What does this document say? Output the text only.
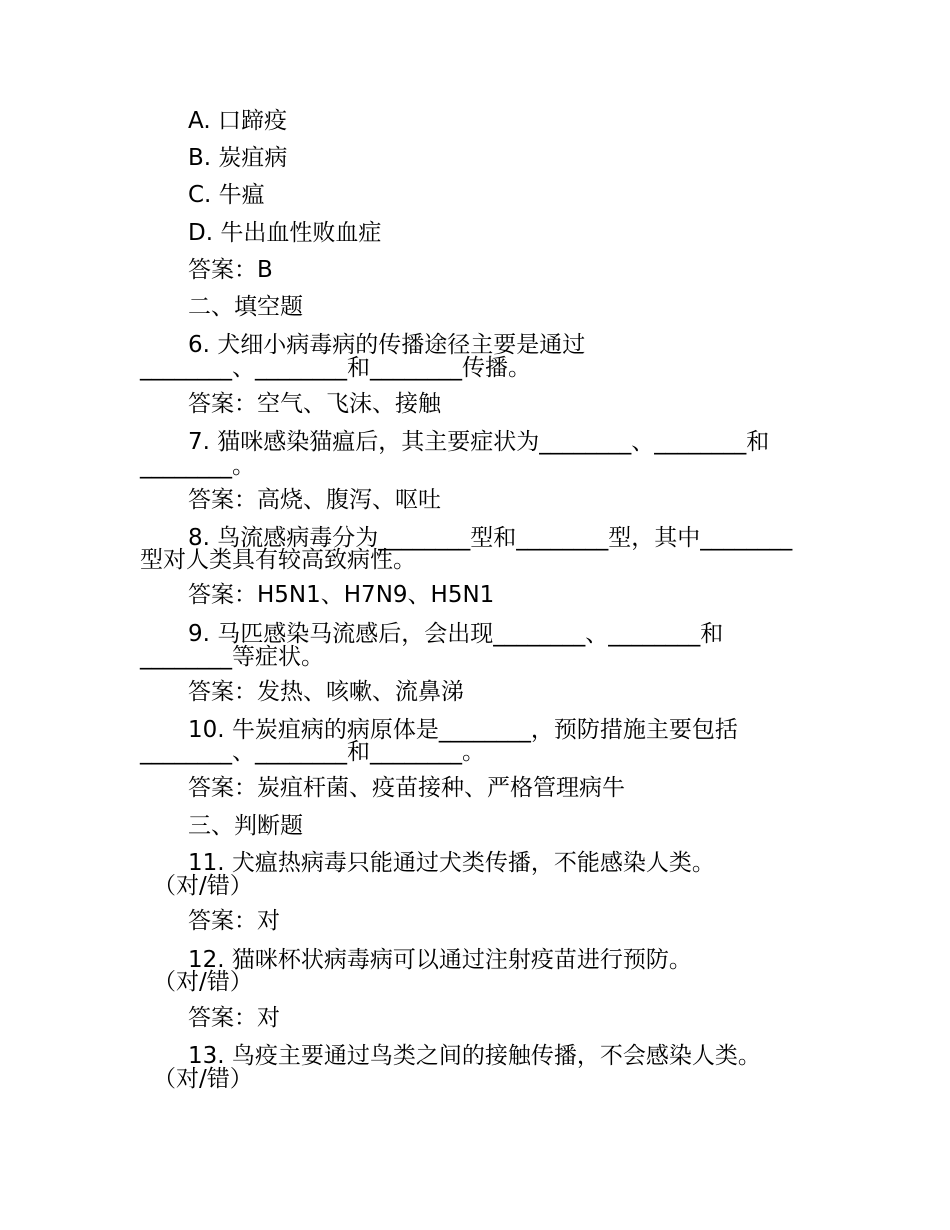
A. 口蹄疫
B. 炭疽病
C. 牛瘟
D. 牛出血性败血症
答案：B
二、填空题
6. 犬细小病毒病的传播途径主要是通过
________、________和________传播。
答案：空气、飞沫、接触
7. 猫咪感染猫瘟后，其主要症状为________、________和
________。
答案：高烧、腹泻、呕吐
8. 鸟流感病毒分为________型和________型，其中________
型对人类具有较高致病性。
答案：H5N1、H7N9、H5N1
9. 马匹感染马流感后，会出现________、________和
________等症状。
答案：发热、咳嗽、流鼻涕
10. 牛炭疽病的病原体是________，预防措施主要包括
________、________和________。
答案：炭疽杆菌、疫苗接种、严格管理病牛
三、判断题
11. 犬瘟热病毒只能通过犬类传播，不能感染人类。
（对/错）
答案：对
12. 猫咪杯状病毒病可以通过注射疫苗进行预防。
（对/错）
答案：对
13. 鸟疫主要通过鸟类之间的接触传播，不会感染人类。
（对/错）
